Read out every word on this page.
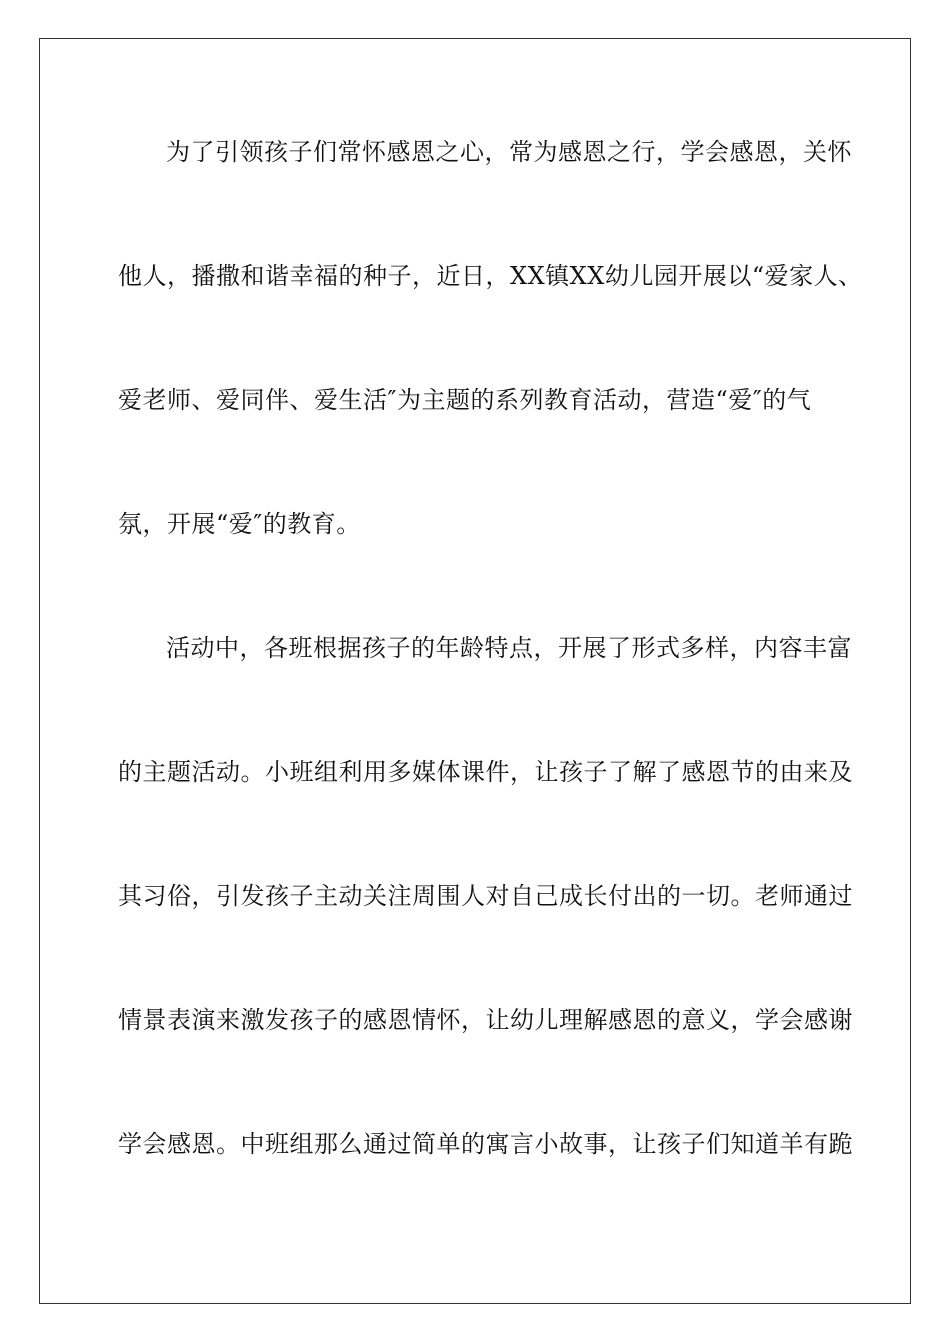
为了引领孩子们常怀感恩之心，常为感恩之行，学会感恩，关怀
他人，播撒和谐幸福的种子，近日，XX镇XX幼儿园开展以“爱家人、
爱老师、爱同伴、爱生活″为主题的系列教育活动，营造“爱″的气
氛，开展“爱″的教育。
活动中，各班根据孩子的年龄特点，开展了形式多样，内容丰富
的主题活动。小班组利用多媒体课件，让孩子了解了感恩节的由来及
其习俗，引发孩子主动关注周围人对自己成长付出的一切。老师通过
情景表演来激发孩子的感恩情怀，让幼儿理解感恩的意义，学会感谢
学会感恩。中班组那么通过简单的寓言小故事，让孩子们知道羊有跪
